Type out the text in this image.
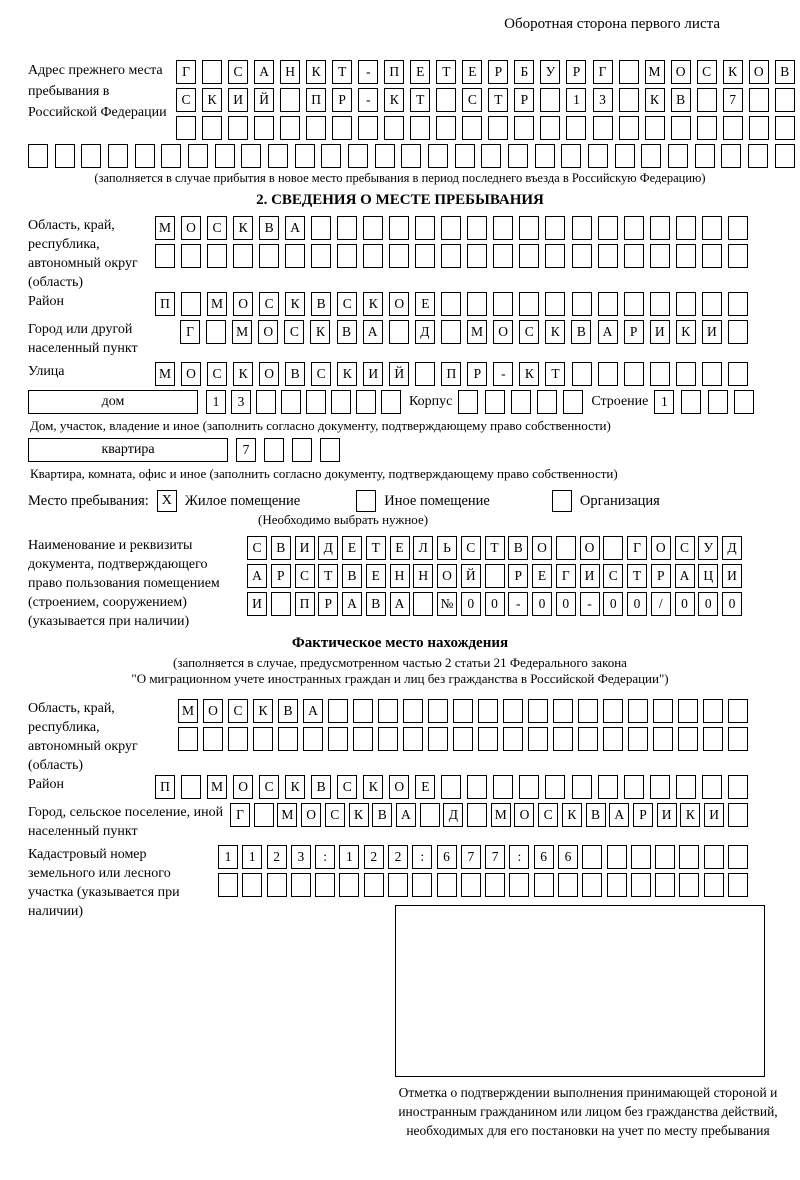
Оборотная сторона первого листа
Адрес прежнего места пребывания в Российской Федерации
Г	С	А	Н	К	Т	-	П	Е	Т	Е	Р	Б	У	Р	Г	М	О	С	К	О	В
С	К	И	Й	П	Р	-	К	Т	С	Т	Р	1	3	К	В	7
(заполняется в случае прибытия в новое место пребывания в период последнего въезда в Российскую Федерацию)
2. СВЕДЕНИЯ О МЕСТЕ ПРЕБЫВАНИЯ
Область, край, республика, автономный округ (область)
М	О	С	К	В	А
Район	П	М	О	С	К	В	С	К	О	Е
Город или другой населенный пункт
Г	М	О	С	К	В	А	Д	М	О	С	К	В	А	Р	И	К	И
Улица	М	О	С	К	О	В	С	К	И	Й	П	Р	-	К	Т
дом	1	3	Корпус	Строение 1
Дом, участок, владение и иное (заполнить согласно документу, подтверждающему право собственности)
квартира	7
Квартира, комната, офис и иное (заполнить согласно документу, подтверждающему право собственности)
Место пребывания: X Жилое помещение	Иное помещение	Организация
(Необходимо выбрать нужное)
Наименование и реквизиты документа, подтверждающего право пользования помещением (строением, сооружением) (указывается при наличии)
С	В	И	Д	Е	Т	Е	Л	Ь	С	Т	В	О	О	Г	О	С	У	Д
А	Р	С	Т	В	Е	Н	Н	О	Й	Р	Е	Г	И	С	Т	Р	А	Ц	И
И	П	Р	А	В	А	№	0	0	-	0	0	-	0	0	/	0	0	0
Фактическое место нахождения
(заполняется в случае, предусмотренном частью 2 статьи 21 Федерального закона
"О миграционном учете иностранных граждан и лиц без гражданства в Российской Федерации")
Область, край, республика, автономный округ (область)
М	О	С	К	В	А
Район	П	М	О	С	К	В	С	К	О	Е
Город, сельское поселение, иной населенный пункт
Г	М О	С	К	В	А	Д	М О	С	К	В	А	Р	И	К	И
Кадастровый номер земельного или лесного участка (указывается при наличии)
1	1	2	3	:	1	2	2	:	6	7	7	:	6	6
Отметка о подтверждении выполнения принимающей стороной и иностранным гражданином или лицом без гражданства действий, необходимых для его постановки на учет по месту пребывания
